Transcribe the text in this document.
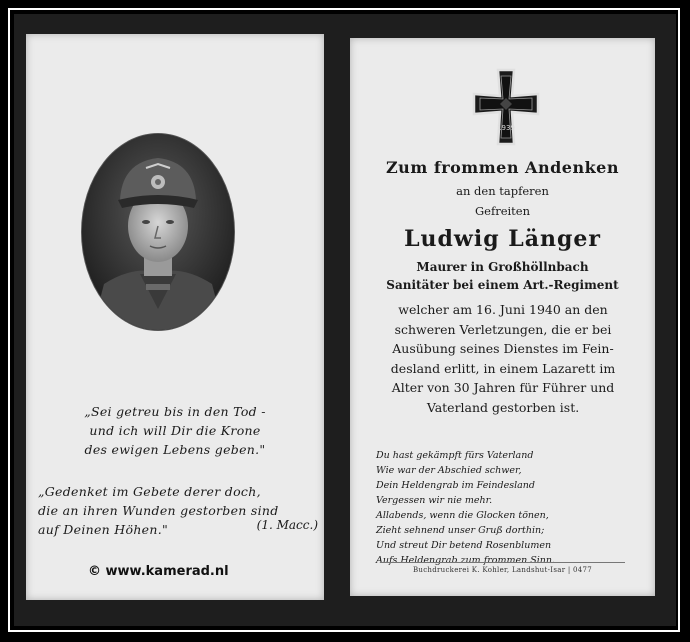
„Sei getreu bis in den Tod -
und ich will Dir die Krone
des ewigen Lebens geben."
„Gedenket im Gebete derer doch,
die an ihren Wunden gestorben sind
auf Deinen Höhen."	(1. Macc.)
© www.kamerad.nl
1939
Zum frommen Andenken
an den tapferen
Gefreiten
Ludwig Länger
Maurer in Großhöllnbach
Sanitäter bei einem Art.-Regiment
welcher am 16. Juni 1940 an den
schweren Verletzungen, die er bei
Ausübung seines Dienstes im Fein-
desland erlitt, in einem Lazarett im
Alter von 30 Jahren für Führer und
Vaterland gestorben ist.
Du hast gekämpft fürs Vaterland
Wie war der Abschied schwer,
Dein Heldengrab im Feindesland
Vergessen wir nie mehr.
Allabends, wenn die Glocken tönen,
Zieht sehnend unser Gruß dorthin;
Und streut Dir betend Rosenblumen
Aufs Heldengrab zum frommen Sinn.
Buchdruckerei K. Kohler, Landshut-Isar | 0477
